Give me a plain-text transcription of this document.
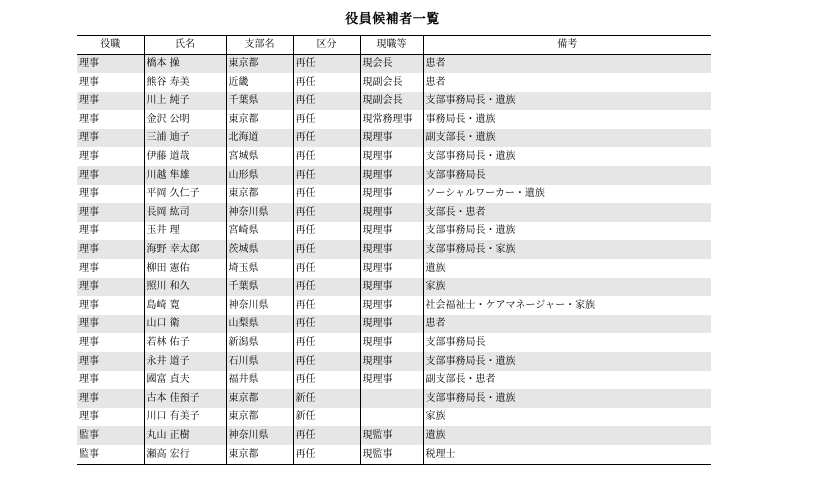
役員候補者一覧
役職	氏名	支部名	区分	現職等	備考
理事	橋本 操	東京都	再任	現会長	患者
理事	熊谷 寿美	近畿	再任	現副会長	患者
理事	川上 純子	千葉県	再任	現副会長	支部事務局長・遺族
理事	金沢 公明	東京都	再任	現常務理事	事務局長・遺族
理事	三浦 迪子	北海道	再任	現理事	副支部長・遺族
理事	伊藤 道哉	宮城県	再任	現理事	支部事務局長・遺族
理事	川越 隼雄	山形県	再任	現理事	支部事務局長
理事	平岡 久仁子	東京都	再任	現理事	ソーシャルワーカー・遺族
理事	長岡 紘司	神奈川県	再任	現理事	支部長・患者
理事	玉井 理	宮崎県	再任	現理事	支部事務局長・遺族
理事	海野 幸太郎	茨城県	再任	現理事	支部事務局長・家族
理事	柳田 憲佑	埼玉県	再任	現理事	遺族
理事	照川 和久	千葉県	再任	現理事	家族
理事	島崎 寛	神奈川県	再任	現理事	社会福祉士・ケアマネージャー・家族
理事	山口 衛	山梨県	再任	現理事	患者
理事	若林 佑子	新潟県	再任	現理事	支部事務局長
理事	永井 道子	石川県	再任	現理事	支部事務局長・遺族
理事	國富 貞夫	福井県	再任	現理事	副支部長・患者
理事	古本 佳預子	東京都	新任		支部事務局長・遺族
理事	川口 有美子	東京都	新任		家族
監事	丸山 正樹	神奈川県	再任	現監事	遺族
監事	瀬高 宏行	東京都	再任	現監事	税理士
